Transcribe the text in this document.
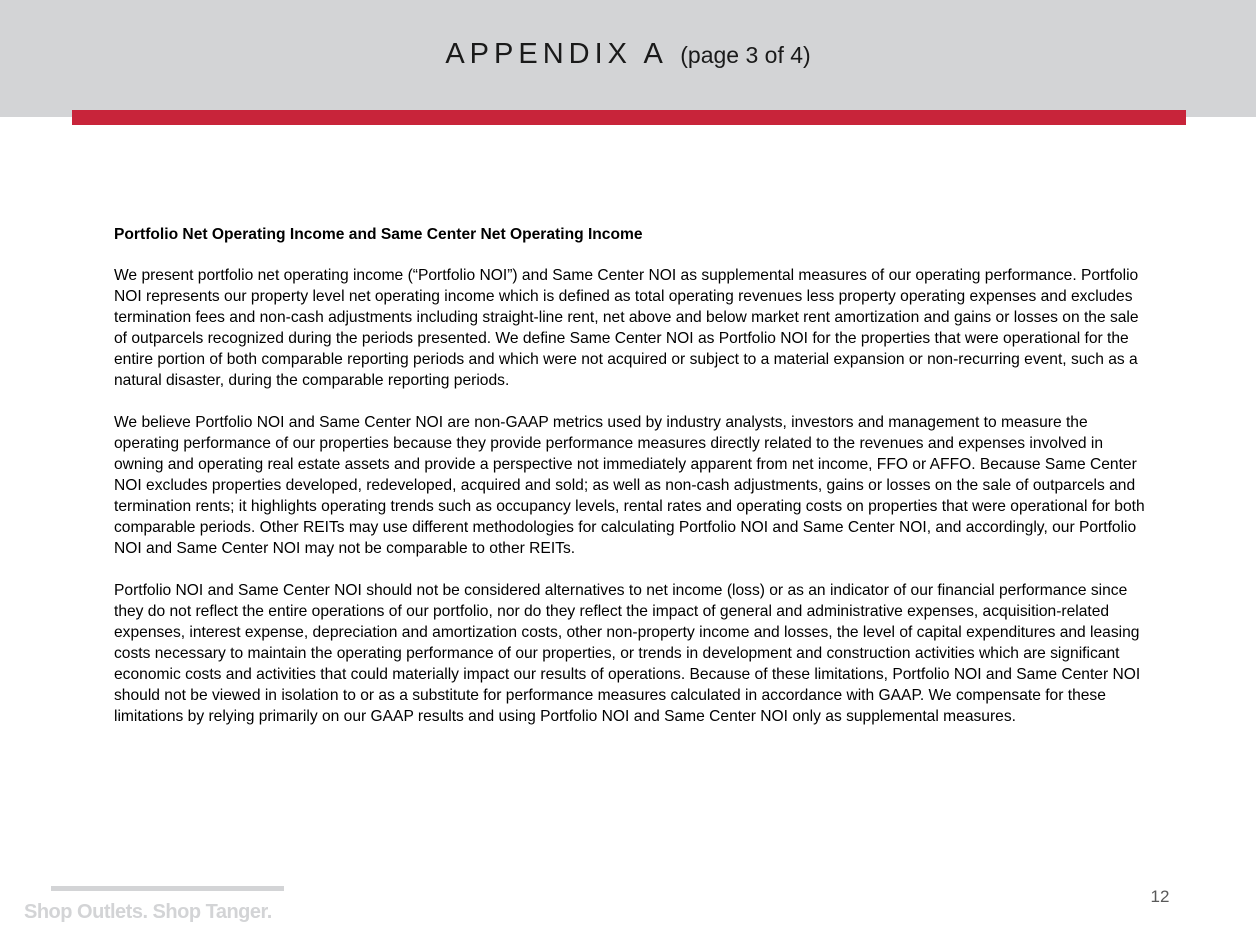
APPENDIX A (page 3 of 4)
Portfolio Net Operating Income and Same Center Net Operating Income

We present portfolio net operating income (“Portfolio NOI”) and Same Center NOI as supplemental measures of our operating performance. Portfolio NOI represents our property level net operating income which is defined as total operating revenues less property operating expenses and excludes termination fees and non-cash adjustments including straight-line rent, net above and below market rent amortization and gains or losses on the sale of outparcels recognized during the periods presented. We define Same Center NOI as Portfolio NOI for the properties that were operational for the entire portion of both comparable reporting periods and which were not acquired or subject to a material expansion or non-recurring event, such as a natural disaster, during the comparable reporting periods.

We believe Portfolio NOI and Same Center NOI are non-GAAP metrics used by industry analysts, investors and management to measure the operating performance of our properties because they provide performance measures directly related to the revenues and expenses involved in owning and operating real estate assets and provide a perspective not immediately apparent from net income, FFO or AFFO. Because Same Center NOI excludes properties developed, redeveloped, acquired and sold; as well as non-cash adjustments, gains or losses on the sale of outparcels and termination rents; it highlights operating trends such as occupancy levels, rental rates and operating costs on properties that were operational for both comparable periods. Other REITs may use different methodologies for calculating Portfolio NOI and Same Center NOI, and accordingly, our Portfolio NOI and Same Center NOI may not be comparable to other REITs.

Portfolio NOI and Same Center NOI should not be considered alternatives to net income (loss) or as an indicator of our financial performance since they do not reflect the entire operations of our portfolio, nor do they reflect the impact of general and administrative expenses, acquisition-related expenses, interest expense, depreciation and amortization costs, other non-property income and losses, the level of capital expenditures and leasing costs necessary to maintain the operating performance of our properties, or trends in development and construction activities which are significant economic costs and activities that could materially impact our results of operations. Because of these limitations, Portfolio NOI and Same Center NOI should not be viewed in isolation to or as a substitute for performance measures calculated in accordance with GAAP. We compensate for these limitations by relying primarily on our GAAP results and using Portfolio NOI and Same Center NOI only as supplemental measures.

Shop Outlets. Shop Tanger.
12
